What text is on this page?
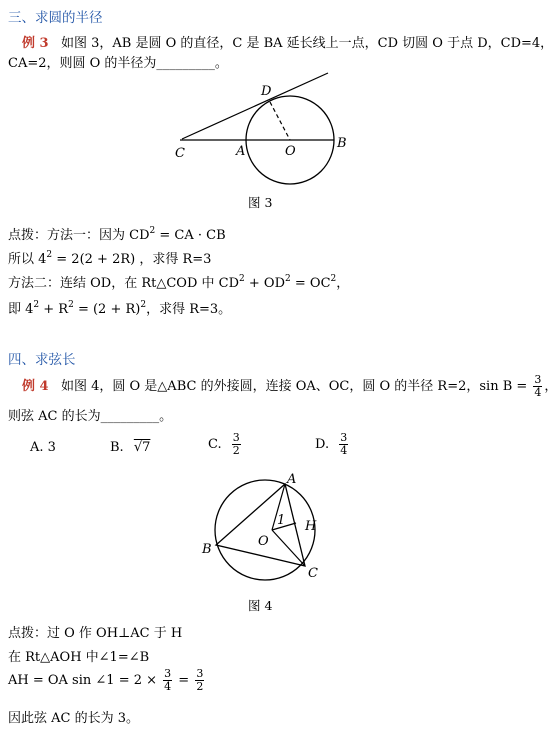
三、求圆的半径
例 3 如图 3，AB 是圆 O 的直径，C 是 BA 延长线上一点，CD 切圆 O 于点 D，CD=4，
CA=2，则圆 O 的半径为_________。
C	A	O
B
D
图 3
点拨：方法一：因为 $CD^2$ = CA · CB
所以 $4^2 = 2(2 + 2R)$ ，求得 R=3
方法二：连结 OD，在 Rt△COD 中 $CD^2 + OD^2 = OC^2$，
即 $4^2 + R^2 = (2 + R)^2$，求得 R=3。
四、求弦长
例 4 如图 4，圆 O 是△ABC 的外接圆，连接 OA、OC，圆 O 的半径 R=2，$\sin B = \frac{3}{4}$ ，
则弦 AC 的长为_________。
A. 3	B. √7	C. $\frac{3}{2}$	D. $\frac{3}{4}$
A
B
C
O
H
1
图 4
点拨：过 O 作 OH⊥AC 于 H
在 Rt△AOH 中∠1=∠B
AH = OA sin ∠1 = $2 \times \frac{3}{4} = \frac{3}{2}$
因此弦 AC 的长为 3。
